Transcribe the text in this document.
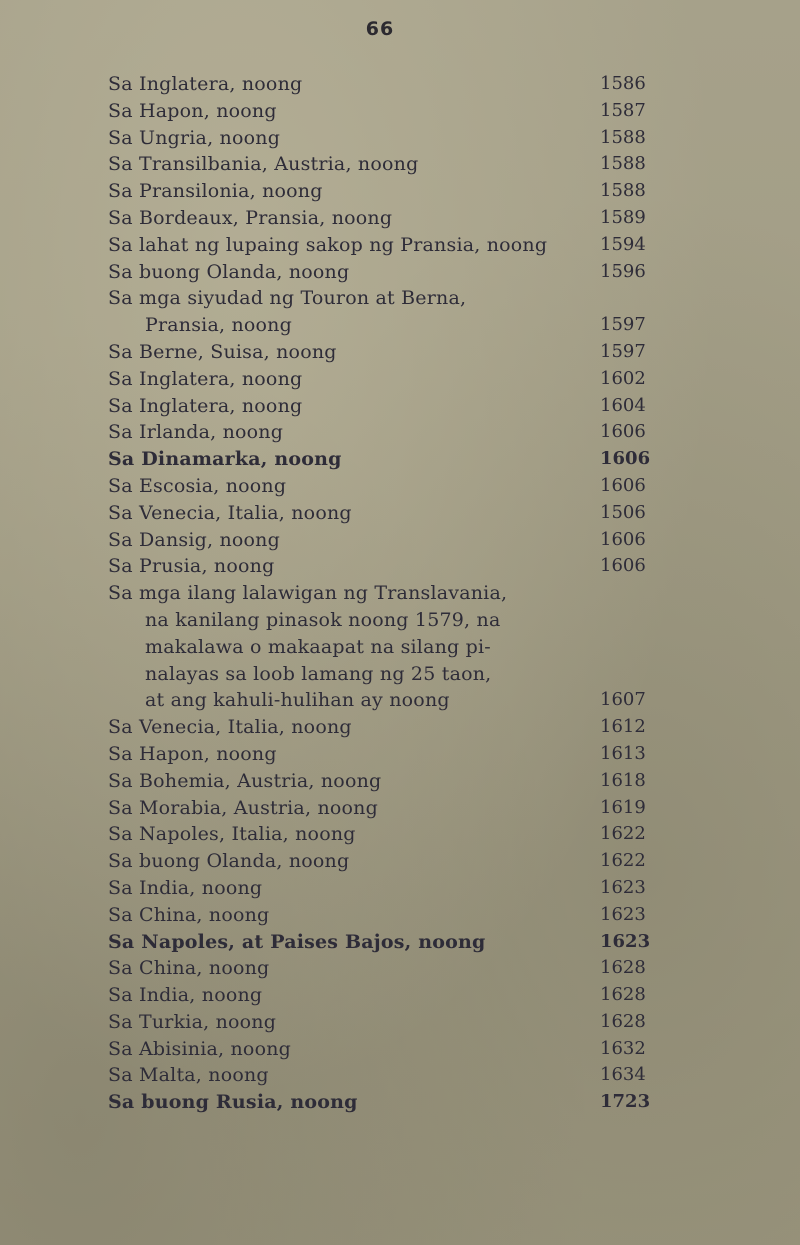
66
Sa Inglatera, noong	1586
Sa Hapon, noong	1587
Sa Ungria, noong	1588
Sa Transilbania, Austria, noong	1588
Sa Pransilonia, noong	1588
Sa Bordeaux, Pransia, noong	1589
Sa lahat ng lupaing sakop ng Pransia, noong	1594
Sa buong Olanda, noong	1596
Sa mga siyudad ng Touron at Berna,
Pransia, noong	1597
Sa Berne, Suisa, noong	1597
Sa Inglatera, noong	1602
Sa Inglatera, noong	1604
Sa Irlanda, noong	1606
Sa Dinamarka, noong	1606
Sa Escosia, noong	1606
Sa Venecia, Italia, noong	1506
Sa Dansig, noong	1606
Sa Prusia, noong	1606
Sa mga ilang lalawigan ng Translavania,
na kanilang pinasok noong 1579, na
makalawa o makaapat na silang pi-
nalayas sa loob lamang ng 25 taon,
at ang kahuli-hulihan ay noong	1607
Sa Venecia, Italia, noong	1612
Sa Hapon, noong	1613
Sa Bohemia, Austria, noong	1618
Sa Morabia, Austria, noong	1619
Sa Napoles, Italia, noong	1622
Sa buong Olanda, noong	1622
Sa India, noong	1623
Sa China, noong	1623
Sa Napoles, at Paises Bajos, noong	1623
Sa China, noong	1628
Sa India, noong	1628
Sa Turkia, noong	1628
Sa Abisinia, noong	1632
Sa Malta, noong	1634
Sa buong Rusia, noong	1723
